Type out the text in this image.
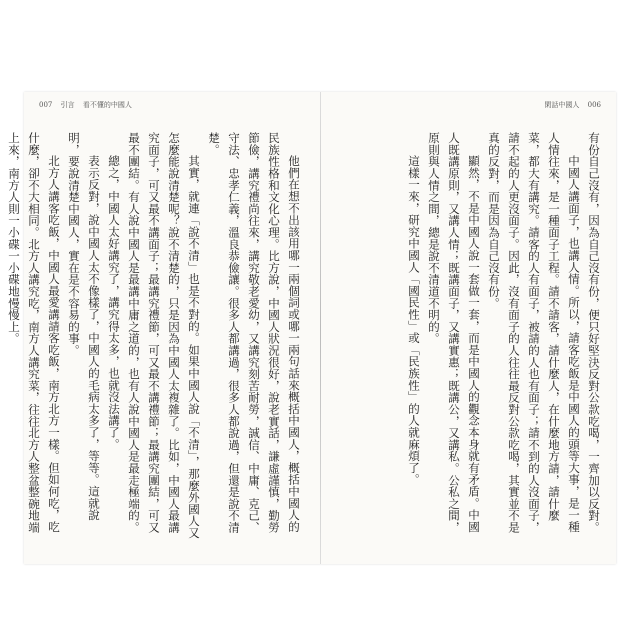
007 引言 看不懂的中國人	閑話中國人 006

他們在想不出該用哪一兩個詞或哪一兩句話來概括中國人，概括中國人的民族性格和文化心理。比方說，中國人狀況很好，說老實話，謙虛謹慎，勤勞節儉，講究禮尚往來，講究敬老愛幼，又講究刻苦耐勞，誠信、中庸、克己、守法、忠孝仁義，溫良恭儉讓。很多人都講過，很多人都說過，但還是說不清楚。

其實，就連「說不清」也是不對的。如果中國人說「不清」，那麼外國人又怎麼能說清楚呢？說不清楚的，只是因為中國人太複雜了。比如，中國人最講究面子，可又最不講面子；最講究禮節，可又最不講禮節；最講究團結，可又最不團結。有人說中國人是最講中庸之道的，也有人說中國人是最走極端的。

總之，中國人太好講究了，講究得太多，也就沒法講了。

表示反對，說中國人太不像樣了，中國人的毛病太多了，等等。這就說明，要說清楚中國人，實在是不容易的事。

北方人講客吃飯，中國人最愛講請客吃飯，南方北方一樣。但如何吃，吃什麼，卻不大相同。北方人講究吃，南方人講究菜，往往北方人整盆整碗地端上來，南方人則一小碟一小碟地慢慢上。	有份自己沒有，因為自己沒有份，便只好堅決反對公款吃喝，一齊加以反對。

中國人講面子，也講人情。所以，請客吃飯是中國人的頭等大事，是一種人情往來，是一種面子工程。請不請客，請什麼人，在什麼地方請，請什麼菜，都大有講究。請客的人有面子，被請的人也有面子；請不到的人沒面子，請不起的人更沒面子。因此，沒有面子的人往往最反對公款吃喝，其實並不是真的反對，而是因為自己沒有份。

顯然，不是中國人說一套做一套，而是中國人的觀念本身就有矛盾。中國人既講原則，又講人情；既講面子，又講實惠；既講公，又講私。公私之間，原則與人情之間，總是說不清道不明的。

這樣一來，研究中國人「國民性」或「民族性」的人就麻煩了。
